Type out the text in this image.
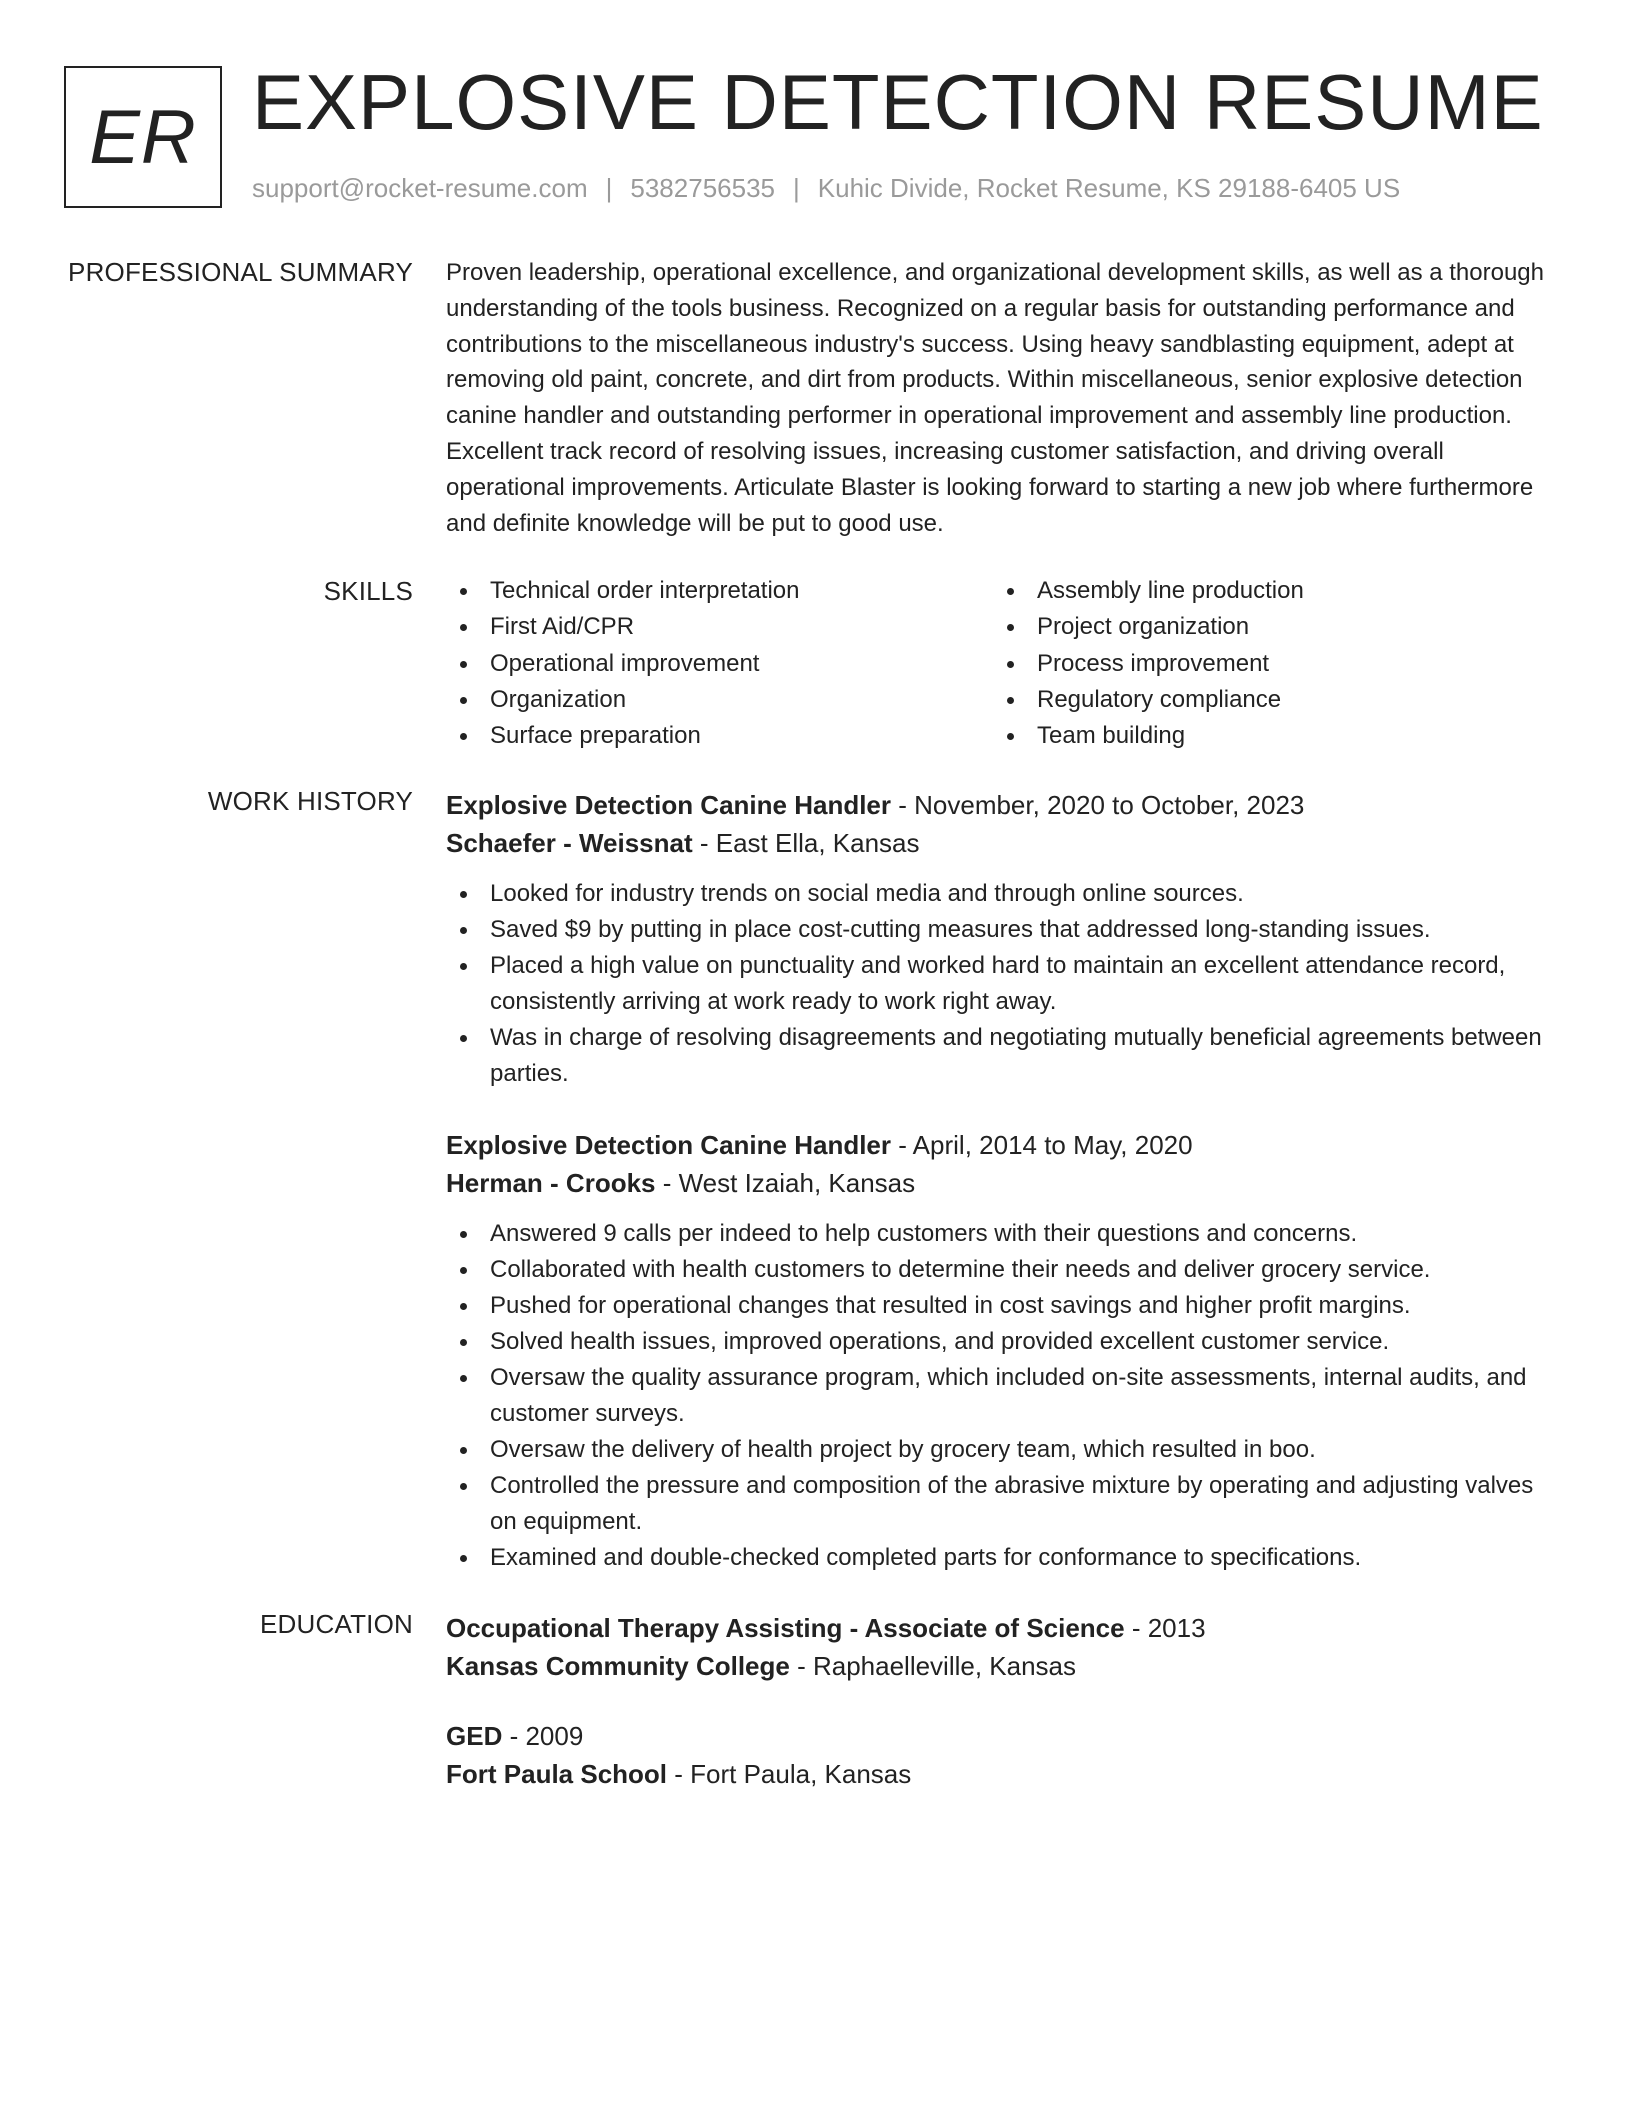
ER EXPLOSIVE DETECTION RESUME
support@rocket-resume.com | 5382756535 | Kuhic Divide, Rocket Resume, KS 29188-6405 US
PROFESSIONAL SUMMARY Proven leadership, operational excellence, and organizational development skills, as well as a thorough understanding of the tools business. Recognized on a regular basis for outstanding performance and contributions to the miscellaneous industry's success. Using heavy sandblasting equipment, adept at removing old paint, concrete, and dirt from products. Within miscellaneous, senior explosive detection canine handler and outstanding performer in operational improvement and assembly line production. Excellent track record of resolving issues, increasing customer satisfaction, and driving overall operational improvements. Articulate Blaster is looking forward to starting a new job where furthermore and definite knowledge will be put to good use.
SKILLS	Technical order interpretation
First Aid/CPR
Operational improvement
Organization
Surface preparation
Assembly line production
Project organization
Process improvement
Regulatory compliance
Team building
WORK HISTORY Explosive Detection Canine Handler - November, 2020 to October, 2023
Schaefer - Weissnat - East Ella, Kansas
Looked for industry trends on social media and through online sources.
Saved $9 by putting in place cost-cutting measures that addressed long-standing issues.
Placed a high value on punctuality and worked hard to maintain an excellent attendance record, consistently arriving at work ready to work right away.
Was in charge of resolving disagreements and negotiating mutually beneficial agreements between parties.
Explosive Detection Canine Handler - April, 2014 to May, 2020
Herman - Crooks - West Izaiah, Kansas
Answered 9 calls per indeed to help customers with their questions and concerns.
Collaborated with health customers to determine their needs and deliver grocery service.
Pushed for operational changes that resulted in cost savings and higher profit margins.
Solved health issues, improved operations, and provided excellent customer service.
Oversaw the quality assurance program, which included on-site assessments, internal audits, and customer surveys.
Oversaw the delivery of health project by grocery team, which resulted in boo.
Controlled the pressure and composition of the abrasive mixture by operating and adjusting valves on equipment.
Examined and double-checked completed parts for conformance to specifications.
EDUCATION Occupational Therapy Assisting - Associate of Science - 2013
Kansas Community College - Raphaelleville, Kansas
GED - 2009
Fort Paula School - Fort Paula, Kansas
